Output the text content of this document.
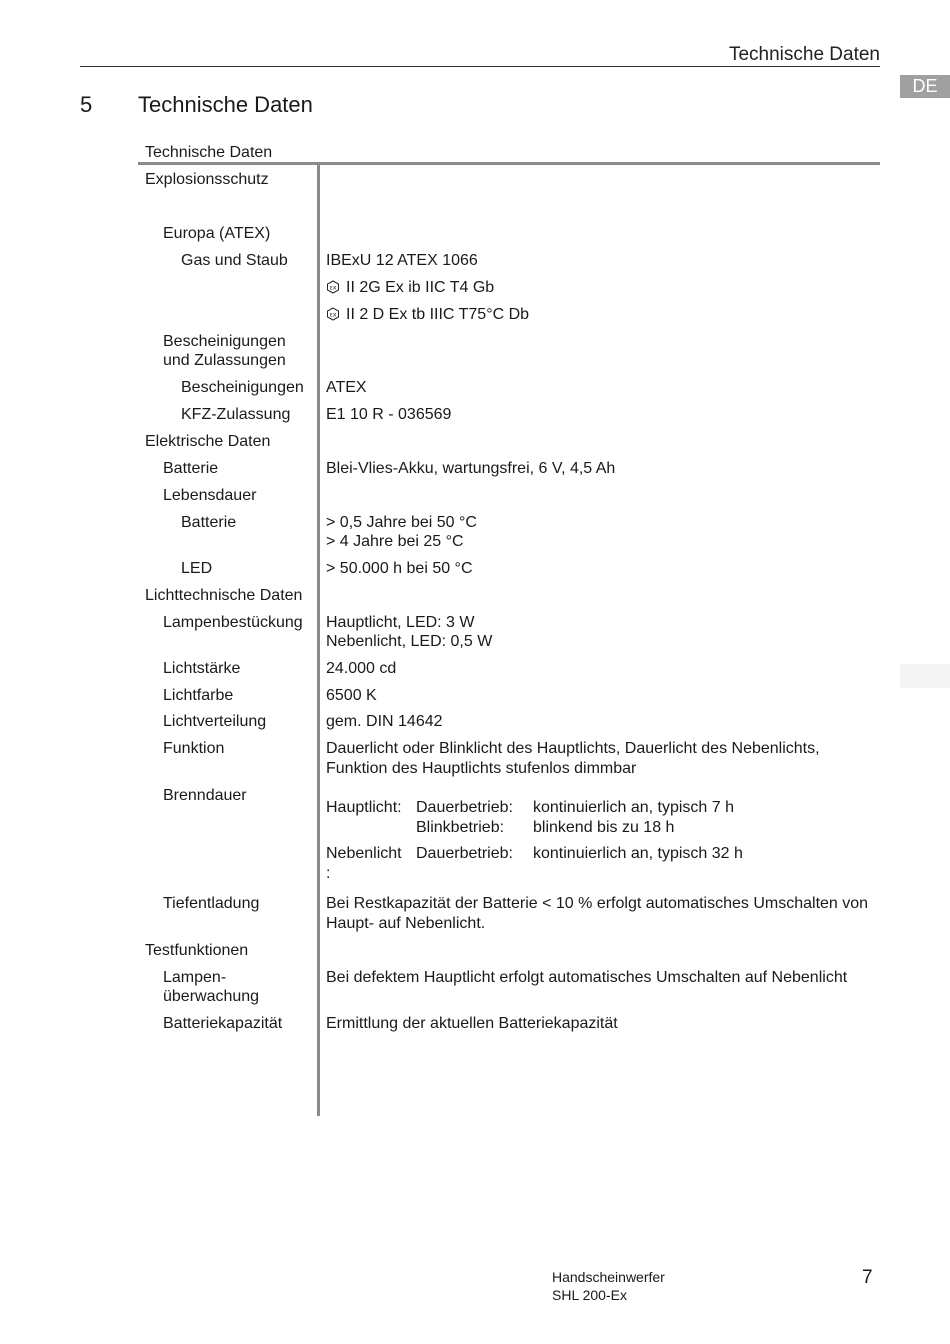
Technische Daten
DE
5 Technische Daten
Technische Daten
Explosionsschutz
Europa (ATEX)
Gas und Staub
Bescheinigungen
und Zulassungen
Bescheinigungen
KFZ-Zulassung
Elektrische Daten
Batterie
Lebensdauer
Batterie
LED
Lichttechnische Daten
Lampenbestückung
Lichtstärke
Lichtfarbe
Lichtverteilung
Funktion
Brenndauer
Tiefentladung
Testfunktionen
Lampen-
überwachung
Batteriekapazität
IBExU 12 ATEX 1066
εx II 2G Ex ib IIC T4 Gb
εx II 2 D Ex tb IIIC T75°C Db
ATEX
E1 10 R - 036569
Blei-Vlies-Akku, wartungsfrei, 6 V, 4,5 Ah
> 0,5 Jahre bei 50 °C
> 4 Jahre bei 25 °C
> 50.000 h bei 50 °C
Hauptlicht, LED: 3 W
Nebenlicht, LED: 0,5 W
24.000 cd
6500 K
gem. DIN 14642
Dauerlicht oder Blinklicht des Hauptlichts, Dauerlicht des Nebenlichts,
Funktion des Hauptlichts stufenlos dimmbar
Hauptlicht: Dauerbetrieb: kontinuierlich an, typisch 7 h
Blinkbetrieb: blinkend bis zu 18 h
Nebenlicht
:
Dauerbetrieb: kontinuierlich an, typisch 32 h
Bei Restkapazität der Batterie < 10 % erfolgt automatisches Umschalten von
Haupt- auf Nebenlicht.
Bei defektem Hauptlicht erfolgt automatisches Umschalten auf Nebenlicht
Ermittlung der aktuellen Batteriekapazität
Handscheinwerfer
SHL 200-Ex
7
